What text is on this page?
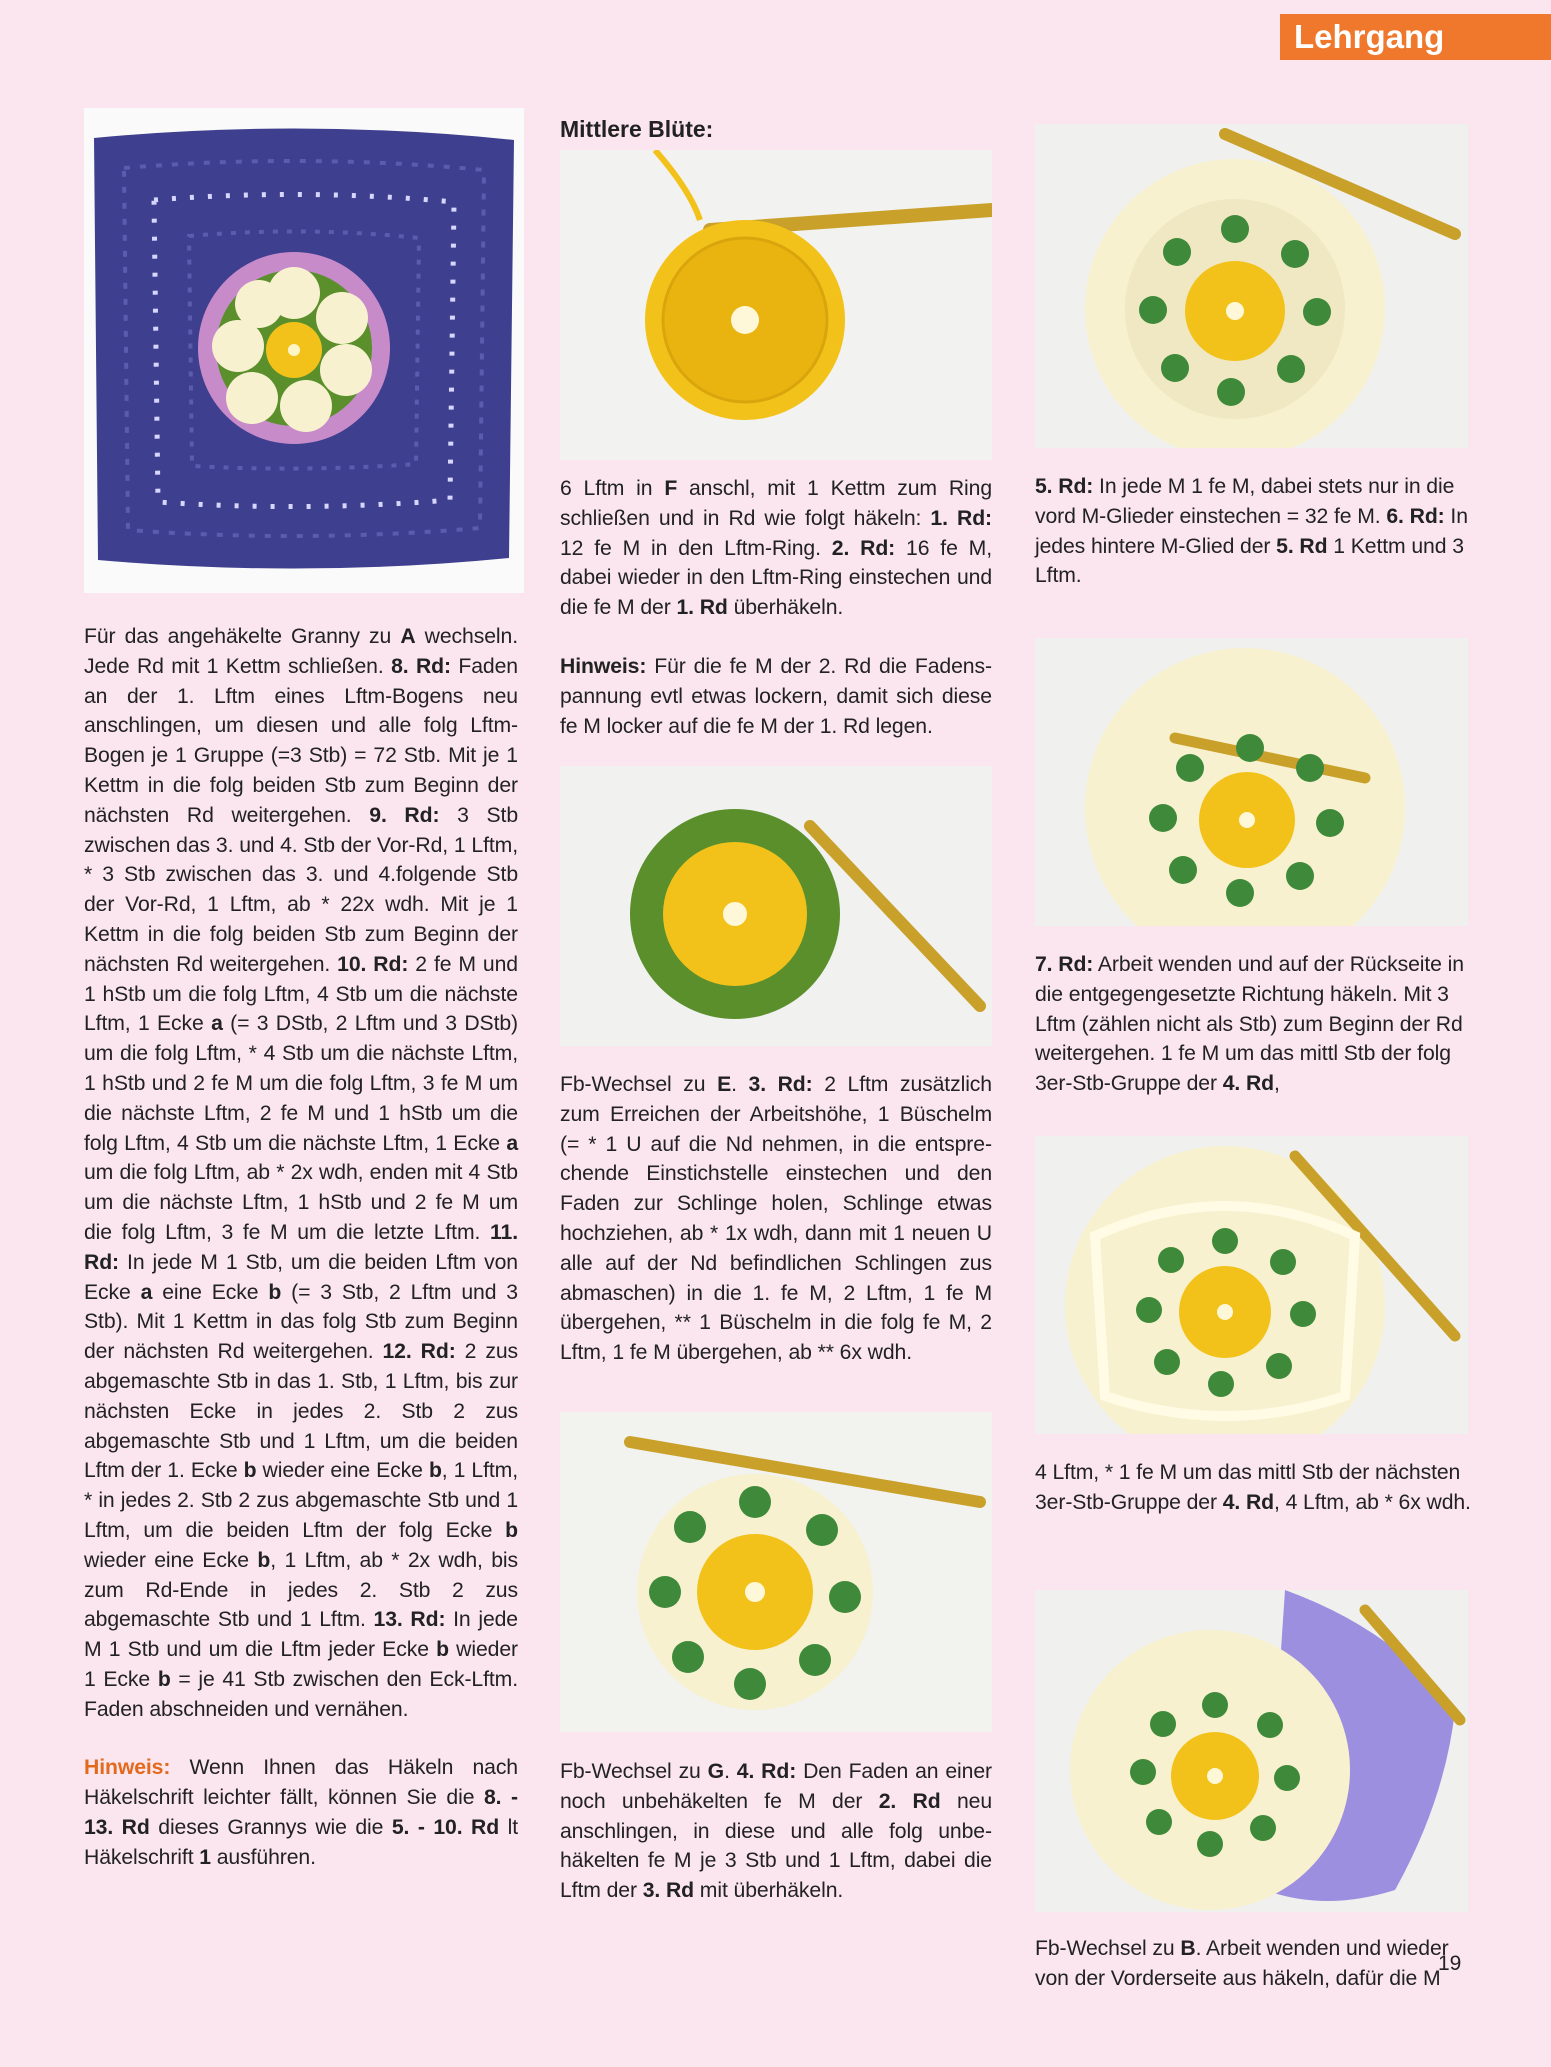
Lehrgang

Für das angehäkelte Granny zu A wechseln. Jede Rd mit 1 Kettm schließen. 8. Rd: Faden an der 1. Lftm eines Lftm-Bogens neu anschlingen, um diesen und alle folg Lftm-Bogen je 1 Gruppe (=3 Stb) = 72 Stb. Mit je 1 Kettm in die folg beiden Stb zum Beginn der nächsten Rd weitergehen. 9. Rd: 3 Stb zwischen das 3. und 4. Stb der Vor-Rd, 1 Lftm, * 3 Stb zwischen das 3. und 4.folgende Stb der Vor-Rd, 1 Lftm, ab * 22x wdh. Mit je 1 Kettm in die folg beiden Stb zum Beginn der nächsten Rd weitergehen. 10. Rd: 2 fe M und 1 hStb um die folg Lftm, 4 Stb um die nächste Lftm, 1 Ecke a (= 3 DStb, 2 Lftm und 3 DStb) um die folg Lftm, * 4 Stb um die nächste Lftm, 1 hStb und 2 fe M um die folg Lftm, 3 fe M um die nächste Lftm, 2 fe M und 1 hStb um die folg Lftm, 4 Stb um die nächste Lftm, 1 Ecke a um die folg Lftm, ab * 2x wdh, enden mit 4 Stb um die nächste Lftm, 1 hStb und 2 fe M um die folg Lftm, 3 fe M um die letzte Lftm. 11. Rd: In jede M 1 Stb, um die beiden Lftm von Ecke a eine Ecke b (= 3 Stb, 2 Lftm und 3 Stb). Mit 1 Kettm in das folg Stb zum Beginn der nächsten Rd weitergehen. 12. Rd: 2 zus abgemaschte Stb in das 1. Stb, 1 Lftm, bis zur nächsten Ecke in jedes 2. Stb 2 zus abgemaschte Stb und 1 Lftm, um die beiden Lftm der 1. Ecke b wieder eine Ecke b, 1 Lftm, * in jedes 2. Stb 2 zus abgemaschte Stb und 1 Lftm, um die beiden Lftm der folg Ecke b wieder eine Ecke b, 1 Lftm, ab * 2x wdh, bis zum Rd-Ende in jedes 2. Stb 2 zus abgemaschte Stb und 1 Lftm. 13. Rd: In jede M 1 Stb und um die Lftm jeder Ecke b wieder 1 Ecke b = je 41 Stb zwischen den Eck-Lftm. Faden abschneiden und vernähen.

Hinweis: Wenn Ihnen das Häkeln nach Häkelschrift leichter fällt, können Sie die 8. - 13. Rd dieses Grannys wie die 5. - 10. Rd lt Häkelschrift 1 ausführen.

Mittlere Blüte:

6 Lftm in F anschl, mit 1 Kettm zum Ring schließen und in Rd wie folgt häkeln: 1. Rd: 12 fe M in den Lftm-Ring. 2. Rd: 16 fe M, dabei wieder in den Lftm-Ring einstechen und die fe M der 1. Rd überhäkeln.

Hinweis: Für die fe M der 2. Rd die Fadenspannung evtl etwas lockern, damit sich diese fe M locker auf die fe M der 1. Rd legen.

Fb-Wechsel zu E. 3. Rd: 2 Lftm zusätzlich zum Erreichen der Arbeitshöhe, 1 Büschelm (= * 1 U auf die Nd nehmen, in die entsprechende Einstichstelle einstechen und den Faden zur Schlinge holen, Schlinge etwas hochziehen, ab * 1x wdh, dann mit 1 neuen U alle auf der Nd befindlichen Schlingen zus abmaschen) in die 1. fe M, 2 Lftm, 1 fe M übergehen, ** 1 Büschelm in die folg fe M, 2 Lftm, 1 fe M übergehen, ab ** 6x wdh.

Fb-Wechsel zu G. 4. Rd: Den Faden an einer noch unbehäkelten fe M der 2. Rd neu anschlingen, in diese und alle folg unbehäkelten fe M je 3 Stb und 1 Lftm, dabei die Lftm der 3. Rd mit überhäkeln.

5. Rd: In jede M 1 fe M, dabei stets nur in die vord M-Glieder einstechen = 32 fe M. 6. Rd: In jedes hintere M-Glied der 5. Rd 1 Kettm und 3 Lftm.

7. Rd: Arbeit wenden und auf der Rückseite in die entgegengesetzte Richtung häkeln. Mit 3 Lftm (zählen nicht als Stb) zum Beginn der Rd weitergehen. 1 fe M um das mittl Stb der folg 3er-Stb-Gruppe der 4. Rd,

4 Lftm, * 1 fe M um das mittl Stb der nächsten 3er-Stb-Gruppe der 4. Rd, 4 Lftm, ab * 6x wdh.

Fb-Wechsel zu B. Arbeit wenden und wieder von der Vorderseite aus häkeln, dafür die M

19
